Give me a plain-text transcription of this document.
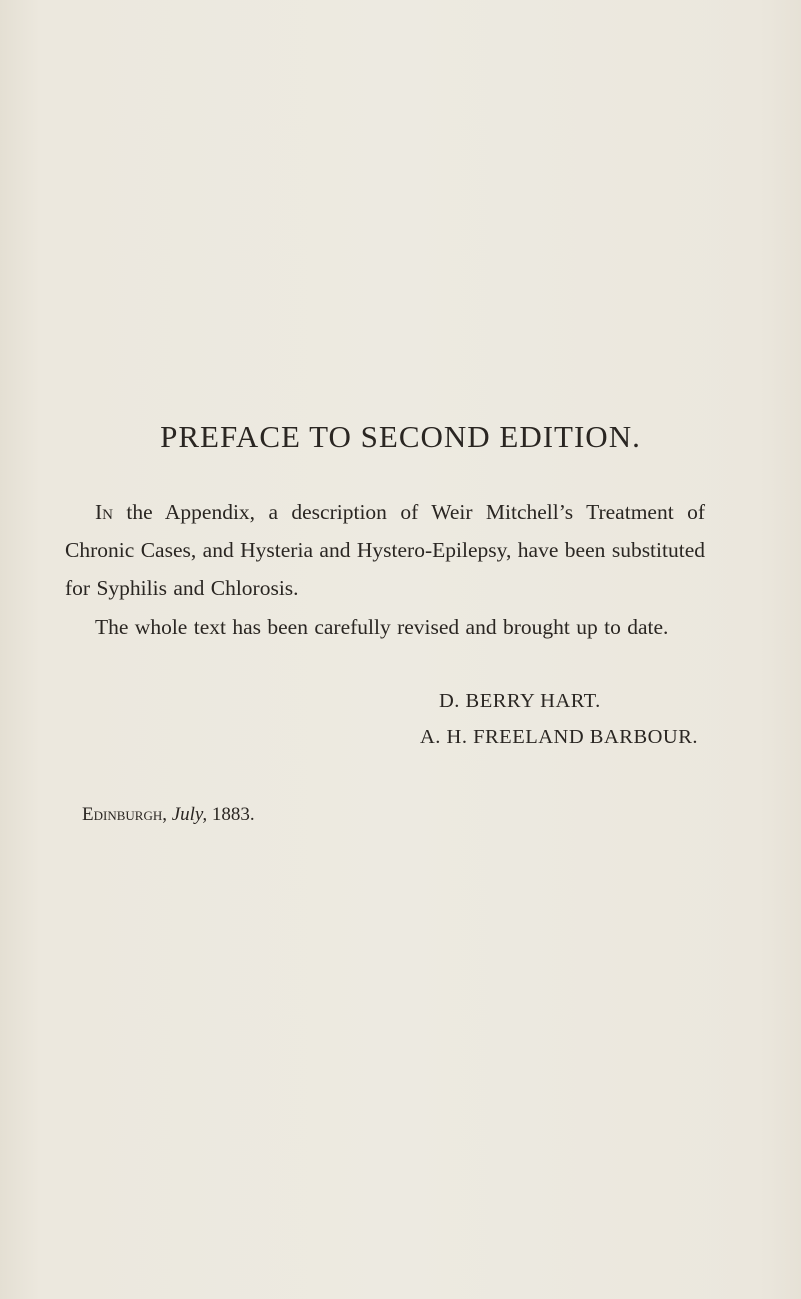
PREFACE TO SECOND EDITION.
In the Appendix, a description of Weir Mitchell’s Treatment of Chronic Cases, and Hysteria and Hystero-Epilepsy, have been substituted for Syphilis and Chlorosis.
The whole text has been carefully revised and brought up to date.
D. BERRY HART.
A. H. FREELAND BARBOUR.
Edinburgh, July, 1883.
